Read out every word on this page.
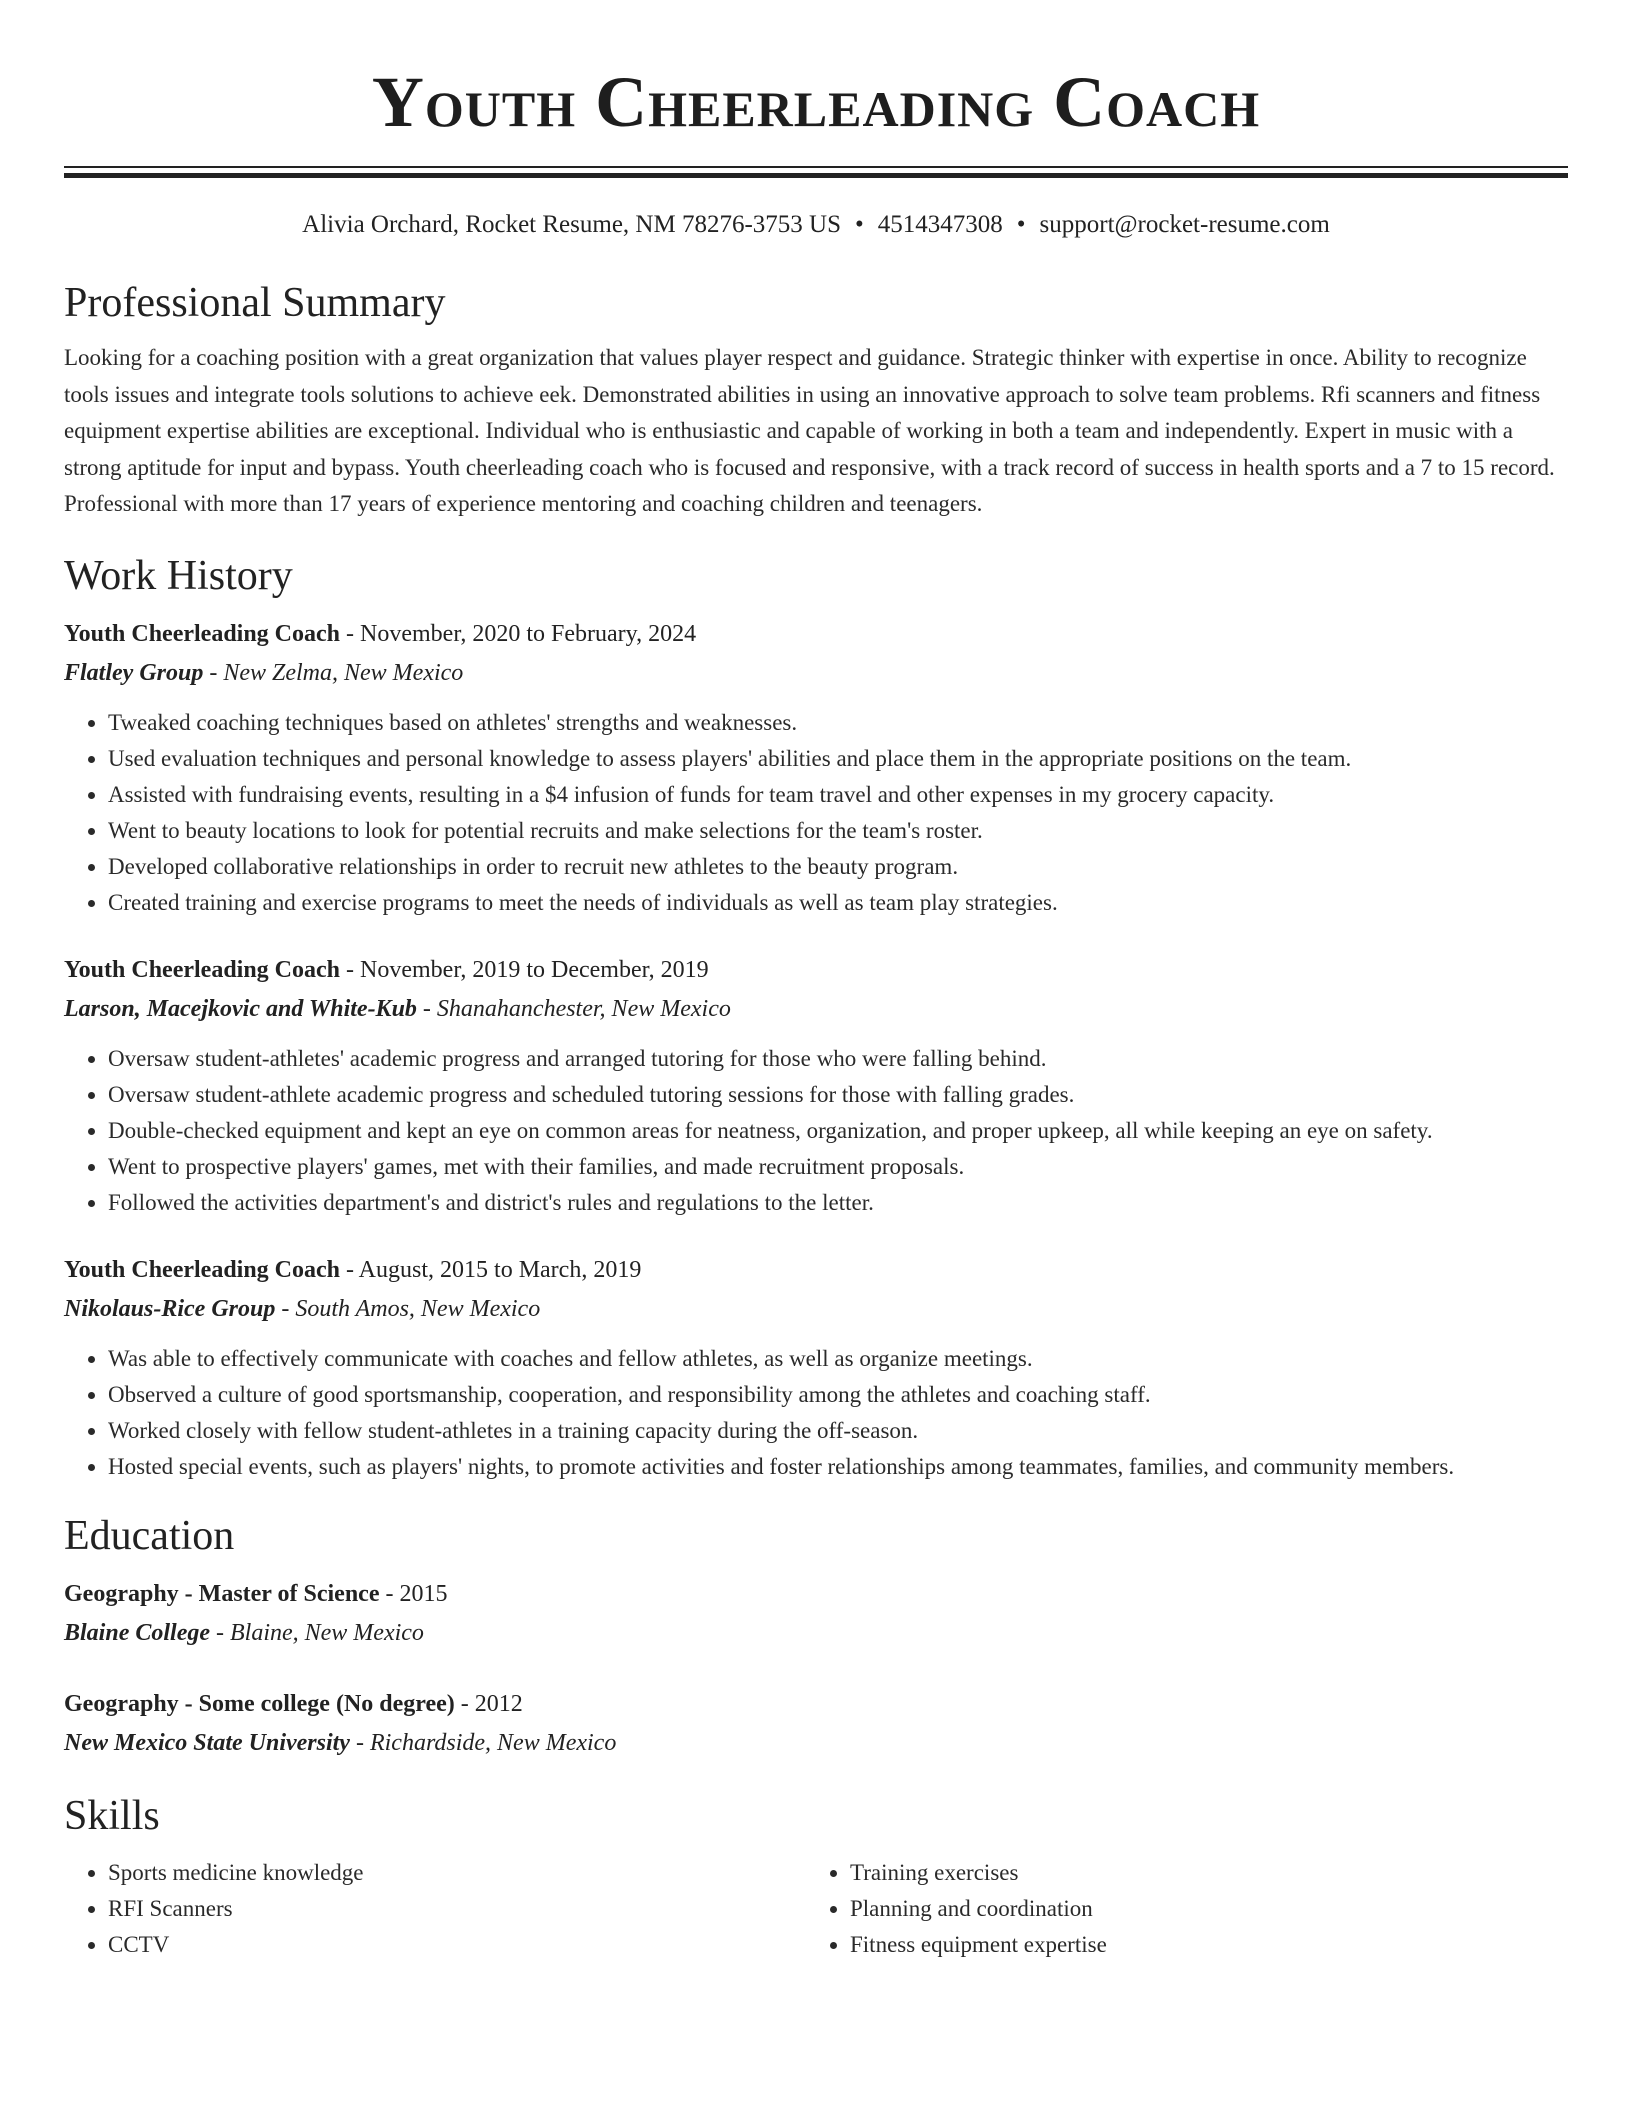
Youth Cheerleading Coach
Alivia Orchard, Rocket Resume, NM 78276-3753 US • 4514347308 • support@rocket-resume.com
Professional Summary

Looking for a coaching position with a great organization that values player respect and guidance. Strategic thinker with expertise in once. Ability to recognize tools issues and integrate tools solutions to achieve eek. Demonstrated abilities in using an innovative approach to solve team problems. Rfi scanners and fitness equipment expertise abilities are exceptional. Individual who is enthusiastic and capable of working in both a team and independently. Expert in music with a strong aptitude for input and bypass. Youth cheerleading coach who is focused and responsive, with a track record of success in health sports and a 7 to 15 record. Professional with more than 17 years of experience mentoring and coaching children and teenagers.

Work History
Youth Cheerleading Coach - November, 2020 to February, 2024
Flatley Group - New Zelma, New Mexico
• Tweaked coaching techniques based on athletes' strengths and weaknesses.
• Used evaluation techniques and personal knowledge to assess players' abilities and place them in the appropriate positions on the team.
• Assisted with fundraising events, resulting in a $4 infusion of funds for team travel and other expenses in my grocery capacity.
• Went to beauty locations to look for potential recruits and make selections for the team's roster.
• Developed collaborative relationships in order to recruit new athletes to the beauty program.
• Created training and exercise programs to meet the needs of individuals as well as team play strategies.
Youth Cheerleading Coach - November, 2019 to December, 2019
Larson, Macejkovic and White-Kub - Shanahanchester, New Mexico
• Oversaw student-athletes' academic progress and arranged tutoring for those who were falling behind.
• Oversaw student-athlete academic progress and scheduled tutoring sessions for those with falling grades.
• Double-checked equipment and kept an eye on common areas for neatness, organization, and proper upkeep, all while keeping an eye on safety.
• Went to prospective players' games, met with their families, and made recruitment proposals.
• Followed the activities department's and district's rules and regulations to the letter.
Youth Cheerleading Coach - August, 2015 to March, 2019
Nikolaus-Rice Group - South Amos, New Mexico
• Was able to effectively communicate with coaches and fellow athletes, as well as organize meetings.
• Observed a culture of good sportsmanship, cooperation, and responsibility among the athletes and coaching staff.
• Worked closely with fellow student-athletes in a training capacity during the off-season.
• Hosted special events, such as players' nights, to promote activities and foster relationships among teammates, families, and community members.
Education
Geography - Master of Science - 2015
Blaine College - Blaine, New Mexico
Geography - Some college (No degree) - 2012
New Mexico State University - Richardside, New Mexico
Skills
• Sports medicine knowledge
• RFI Scanners
• CCTV
• Training exercises
• Planning and coordination
• Fitness equipment expertise
